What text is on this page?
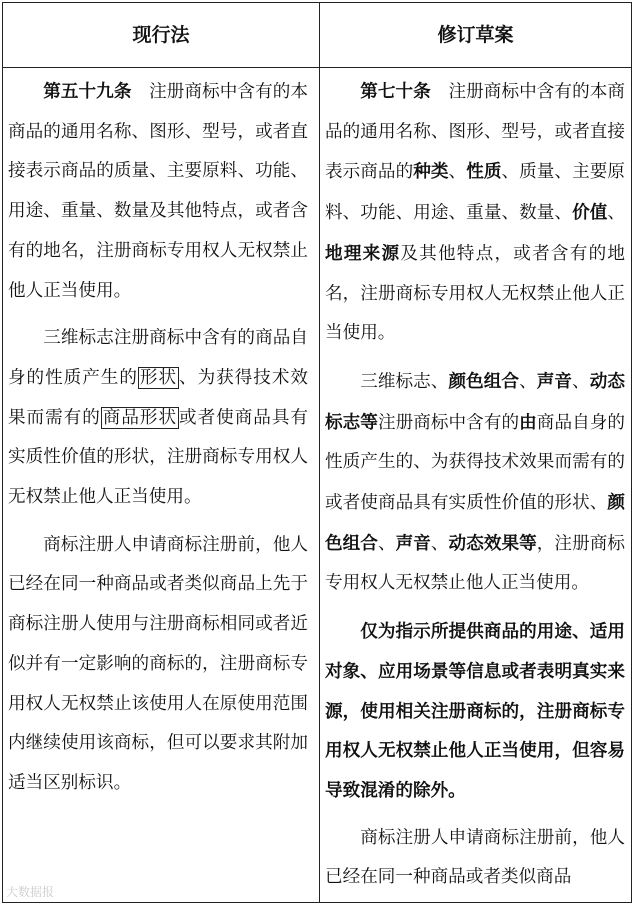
现行法	修订草案

第五十九条　注册商标中含有的本商品的通用名称、图形、型号，或者直接表示商品的质量、主要原料、功能、用途、重量、数量及其他特点，或者含有的地名，注册商标专用权人无权禁止他人正当使用。

三维标志注册商标中含有的商品自身的性质产生的 形状 、为获得技术效果而需有的 商品形状 或者使商品具有实质性价值的形状，注册商标专用权人无权禁止他人正当使用。

商标注册人申请商标注册前，他人已经在同一种商品或者类似商品上先于商标注册人使用与注册商标相同或者近似并有一定影响的商标的，注册商标专用权人无权禁止该使用人在原使用范围内继续使用该商标，但可以要求其附加适当区别标识。

第七十条　注册商标中含有的本商品的通用名称、图形、型号，或者直接表示商品的种类、性质、质量、主要原料、功能、用途、重量、数量、价值、地理来源及其他特点，或者含有的地名，注册商标专用权人无权禁止他人正当使用。

三维标志、颜色组合、声音、动态标志等注册商标中含有的由商品自身的性质产生的、为获得技术效果而需有的或者使商品具有实质性价值的形状、颜色组合、声音、动态效果等，注册商标专用权人无权禁止他人正当使用。

仅为指示所提供商品的用途、适用对象、应用场景等信息或者表明真实来源，使用相关注册商标的，注册商标专用权人无权禁止他人正当使用，但容易导致混淆的除外。

商标注册人申请商标注册前，他人已经在同一种商品或者类似商品

大数据报
